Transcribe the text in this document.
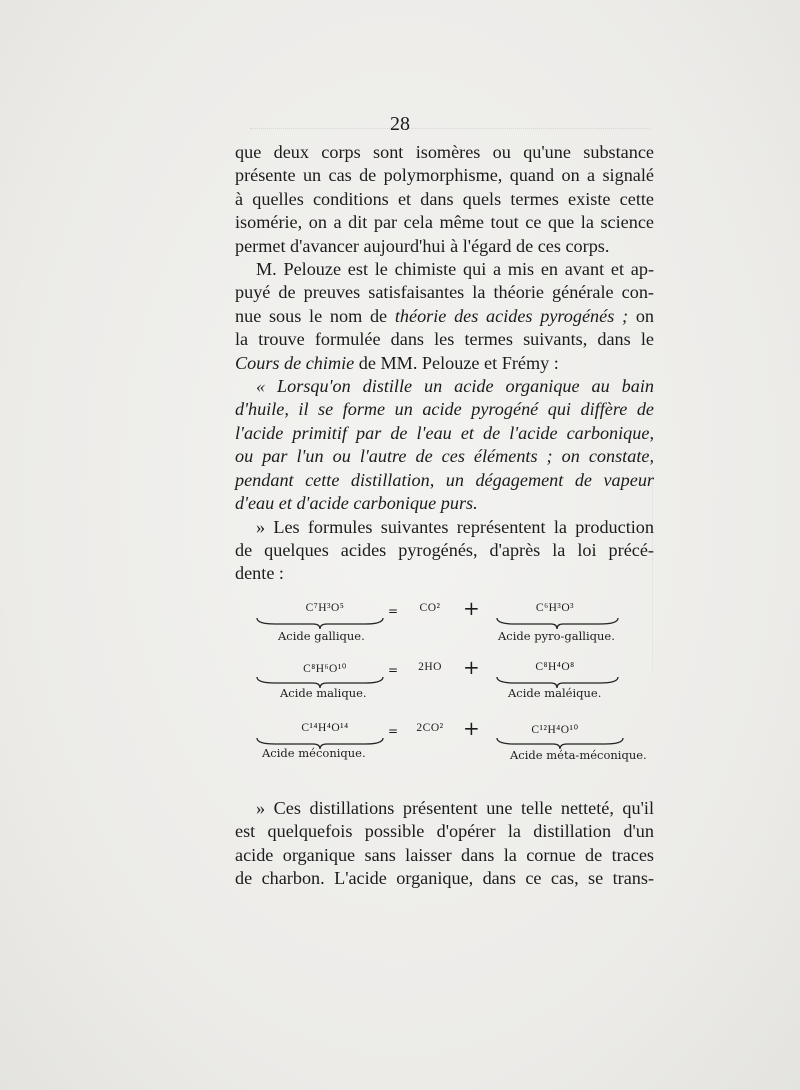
28

que deux corps sont isomères ou qu'une substance
présente un cas de polymorphisme, quand on a signalé
à quelles conditions et dans quels termes existe cette
isomérie, on a dit par cela même tout ce que la science
permet d'avancer aujourd'hui à l'égard de ces corps.

M. Pelouze est le chimiste qui a mis en avant et ap-
puyé de preuves satisfaisantes la théorie générale con-
nue sous le nom de théorie des acides pyrogénés ; on
la trouve formulée dans les termes suivants, dans le
Cours de chimie de MM. Pelouze et Frémy :

« Lorsqu'on distille un acide organique au bain
d'huile, il se forme un acide pyrogéné qui diffère de
l'acide primitif par de l'eau et de l'acide carbonique,
ou par l'un ou l'autre de ces éléments ; on constate,
pendant cette distillation, un dégagement de vapeur
d'eau et d'acide carbonique purs.

» Les formules suivantes représentent la production
de quelques acides pyrogénés, d'après la loi précé-
dente :

C⁷H³O⁵	=	CO²	+	C⁶H³O³
Acide gallique.	Acide pyro-gallique.
C⁸H⁶O¹⁰	=	2HO	+	C⁸H⁴O⁸
Acide malique.	Acide maléique.
C¹⁴H⁴O¹⁴	=	2CO² +	C¹²H⁴O¹⁰
Acide méconique.	Acide méta-méconique.

» Ces distillations présentent une telle netteté, qu'il
est quelquefois possible d'opérer la distillation d'un
acide organique sans laisser dans la cornue de traces
de charbon. L'acide organique, dans ce cas, se trans-
